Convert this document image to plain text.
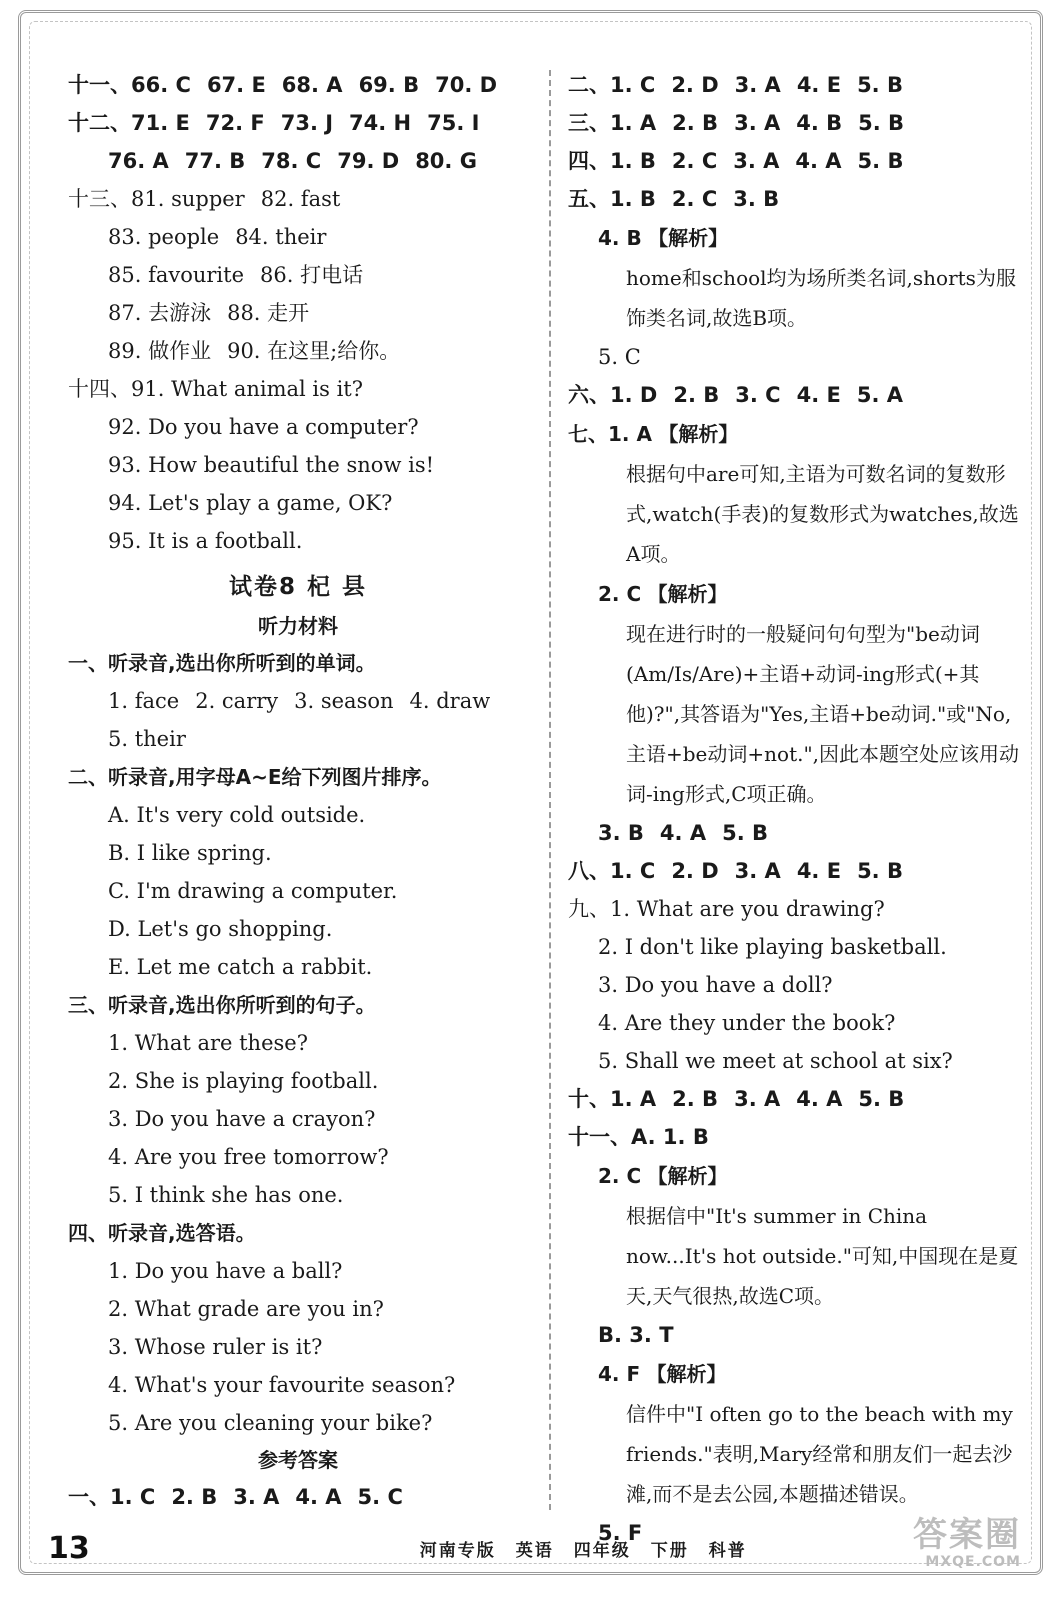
十一、66. C 67. E 68. A 69. B 70. D
十二、71. E 72. F 73. J 74. H 75. I
76. A 77. B 78. C 79. D 80. G
十三、81. supper 82. fast
83. people 84. their
85. favourite 86. 打电话
87. 去游泳 88. 走开
89. 做作业 90. 在这里;给你。
十四、91. What animal is it?
92. Do you have a computer?
93. How beautiful the snow is!
94. Let's play a game, OK?
95. It is a football.
试卷8 杞 县
听力材料
一、听录音,选出你所听到的单词。
1. face 2. carry 3. season 4. draw
5. their
二、听录音,用字母A~E给下列图片排序。
A. It's very cold outside.
B. I like spring.
C. I'm drawing a computer.
D. Let's go shopping.
E. Let me catch a rabbit.
三、听录音,选出你所听到的句子。
1. What are these?
2. She is playing football.
3. Do you have a crayon?
4. Are you free tomorrow?
5. I think she has one.
四、听录音,选答语。
1. Do you have a ball?
2. What grade are you in?
3. Whose ruler is it?
4. What's your favourite season?
5. Are you cleaning your bike?
参考答案
一、1. C 2. B 3. A 4. A 5. C
二、1. C 2. D 3. A 4. E 5. B
三、1. A 2. B 3. A 4. B 5. B
四、1. B 2. C 3. A 4. A 5. B
五、1. B 2. C 3. B
4. B 【解析】
home和school均为场所类名词,shorts为服饰类名词,故选B项。
5. C
六、1. D 2. B 3. C 4. E 5. A
七、1. A 【解析】
根据句中are可知,主语为可数名词的复数形式,watch(手表)的复数形式为watches,故选A项。
2. C 【解析】
现在进行时的一般疑问句句型为"be动词(Am/Is/Are)+主语+动词-ing形式(+其他)?",其答语为"Yes,主语+be动词."或"No,主语+be动词+not.",因此本题空处应该用动词-ing形式,C项正确。
3. B 4. A 5. B
八、1. C 2. D 3. A 4. E 5. B
九、1. What are you drawing?
2. I don't like playing basketball.
3. Do you have a doll?
4. Are they under the book?
5. Shall we meet at school at six?
十、1. A 2. B 3. A 4. A 5. B
十一、A. 1. B
2. C 【解析】
根据信中"It's summer in China now...It's hot outside."可知,中国现在是夏天,天气很热,故选C项。
B. 3. T
4. F 【解析】
信件中"I often go to the beach with my friends."表明,Mary经常和朋友们一起去沙滩,而不是去公园,本题描述错误。
5. F
13	河南专版 英语 四年级 下册 科普	答案圈
MXQE.COM
